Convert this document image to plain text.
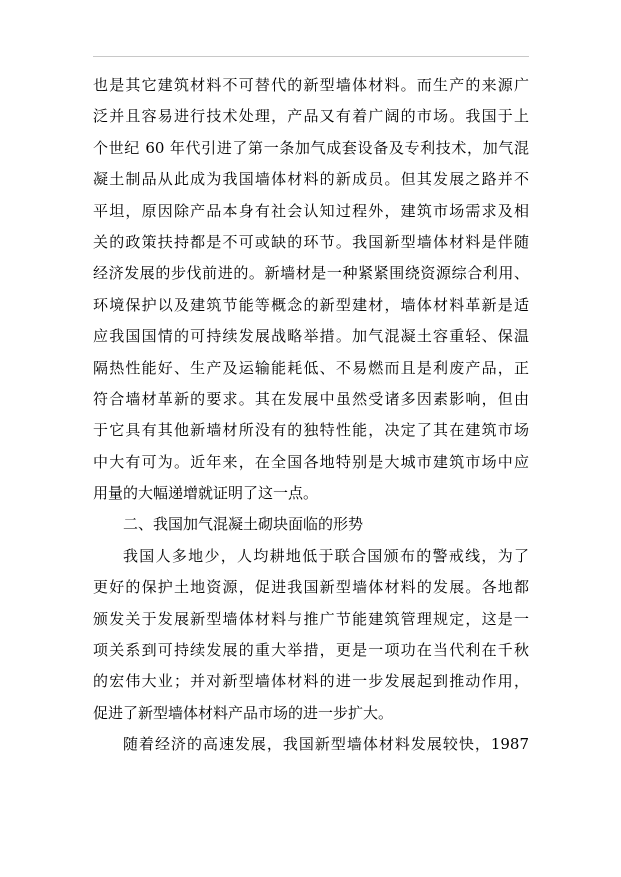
也是其它建筑材料不可替代的新型墙体材料。而生产的来源广
泛并且容易进行技术处理，产品又有着广阔的市场。我国于上
个世纪 60 年代引进了第一条加气成套设备及专利技术，加气混
凝土制品从此成为我国墙体材料的新成员。但其发展之路并不
平坦，原因除产品本身有社会认知过程外，建筑市场需求及相
关的政策扶持都是不可或缺的环节。我国新型墙体材料是伴随
经济发展的步伐前进的。新墙材是一种紧紧围绕资源综合利用、
环境保护以及建筑节能等概念的新型建材，墙体材料革新是适
应我国国情的可持续发展战略举措。加气混凝土容重轻、保温
隔热性能好、生产及运输能耗低、不易燃而且是利废产品，正
符合墙材革新的要求。其在发展中虽然受诸多因素影响，但由
于它具有其他新墙材所没有的独特性能，决定了其在建筑市场
中大有可为。近年来，在全国各地特别是大城市建筑市场中应
用量的大幅递增就证明了这一点。
二、我国加气混凝土砌块面临的形势
我国人多地少，人均耕地低于联合国颁布的警戒线，为了
更好的保护土地资源，促进我国新型墙体材料的发展。各地都
颁发关于发展新型墙体材料与推广节能建筑管理规定，这是一
项关系到可持续发展的重大举措，更是一项功在当代利在千秋
的宏伟大业；并对新型墙体材料的进一步发展起到推动作用，
促进了新型墙体材料产品市场的进一步扩大。
随着经济的高速发展，我国新型墙体材料发展较快，1987
